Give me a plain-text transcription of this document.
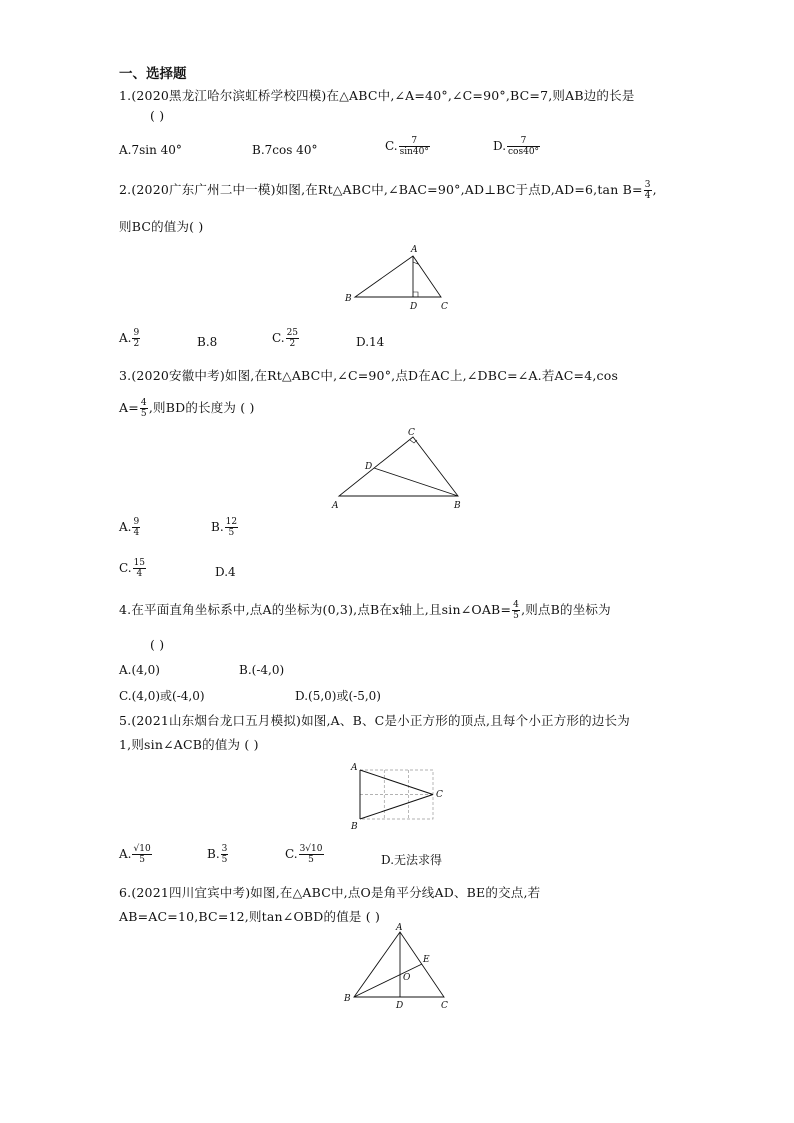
一、选择题
1.(2020黑龙江哈尔滨虹桥学校四模)在△ABC中,∠A=40°,∠C=90°,BC=7,则AB边的长是
( )
A.7sin 40°	B.7cos 40°	C. $\frac{7}{\sin 40^\circ}$	D. $\frac{7}{\cos 40^\circ}$
2.(2020广东广州二中一模)如图,在Rt△ABC中,∠BAC=90°,AD⊥BC于点D,AD=6,tan $B= \frac{3}{4}$ ,
则BC的值为( )
A
B
D	C
A. $\frac{9}{2}$	B.8	C. $\frac{25}{2}$	D.14
3.(2020安徽中考)如图,在Rt△ABC中,∠C=90°,点D在AC上,∠DBC=∠A.若AC=4,cos
$A= \frac{4}{5}$ ,则BD的长度为 ( )
C
D
A	B
A. $\frac{9}{4}$	B. $\frac{12}{5}$
C. $\frac{15}{4}$	D.4
4.在平面直角坐标系中,点A的坐标为(0,3),点B在x轴上,且sin∠OAB= $\frac{4}{5}$ ,则点B的坐标为
( )
A.(4,0)	B.(-4,0)
C.(4,0)或(-4,0)	D.(5,0)或(-5,0)
5.(2021山东烟台龙口五月模拟)如图,A、B、C是小正方形的顶点,且每个小正方形的边长为
1,则sin∠ACB的值为 ( )
A
B
C
A. $\frac{√10}{5}$	B. $\frac{3}{5}$	C. $\frac{3√10}{5}$	D.无法求得
6.(2021四川宜宾中考)如图,在△ABC中,点O是角平分线AD、BE的交点,若
AB=AC=10,BC=12,则tan∠OBD的值是 ( )
A
E
O
B
D	C
